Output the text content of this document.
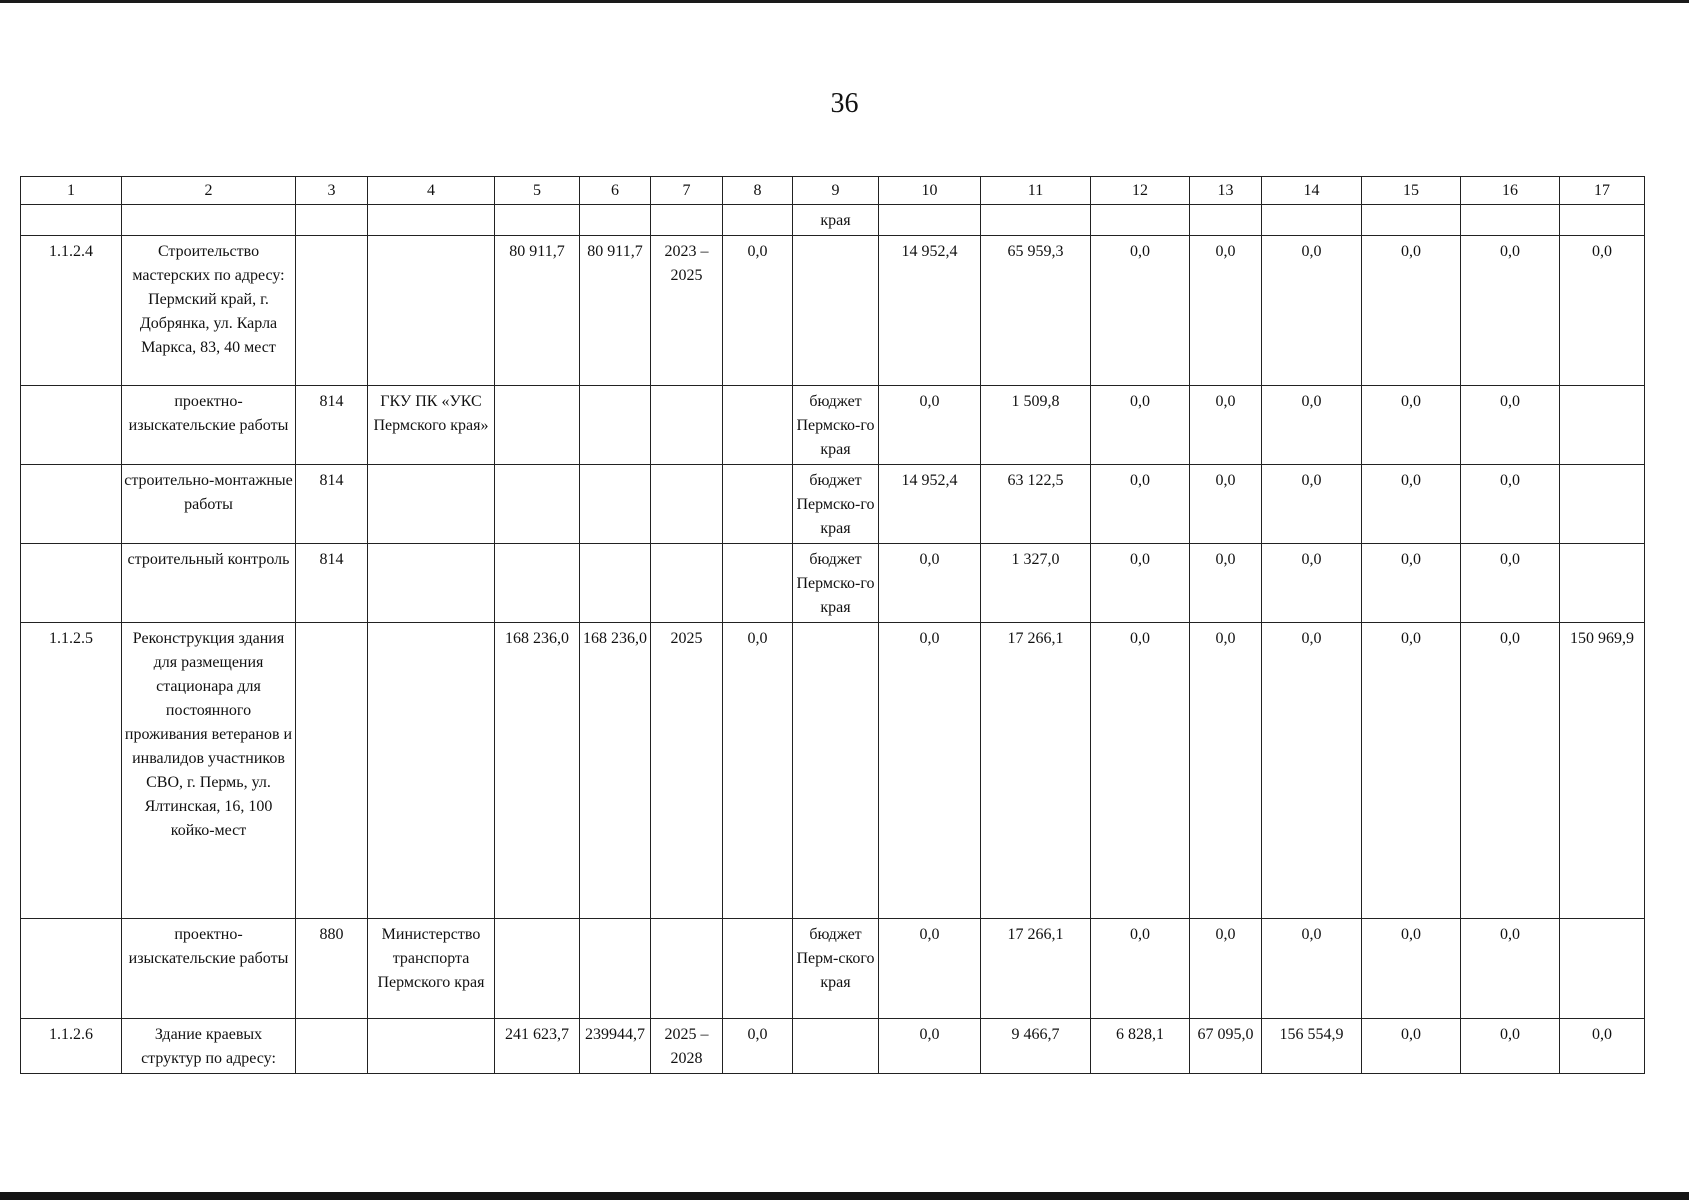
36
1	2	3	4	5	6	7	8	9	10	11	12	13	14	15	16	17
								края								
1.1.2.4	Строительство мастерских по адресу: Пермский край, г. Добрянка, ул. Карла Маркса, 83, 40 мест			80 911,7	80 911,7	2023 – 2025	0,0		14 952,4	65 959,3	0,0	0,0	0,0	0,0	0,0	0,0
	проектно-изыскательские работы	814	ГКУ ПК «УКС Пермского края»					бюджет Пермско-го края	0,0	1 509,8	0,0	0,0	0,0	0,0	0,0	
	строительно-монтажные работы	814						бюджет Пермско-го края	14 952,4	63 122,5	0,0	0,0	0,0	0,0	0,0	
	строительный контроль	814						бюджет Пермско-го края	0,0	1 327,0	0,0	0,0	0,0	0,0	0,0	
1.1.2.5	Реконструкция здания для размещения стационара для постоянного проживания ветеранов и инвалидов участников СВО, г. Пермь, ул. Ялтинская, 16, 100 койко-мест			168 236,0	168 236,0	2025	0,0		0,0	17 266,1	0,0	0,0	0,0	0,0	0,0	150 969,9
	проектно-изыскательские работы	880	Министерство транспорта Пермского края					бюджет Перм-ского края	0,0	17 266,1	0,0	0,0	0,0	0,0	0,0	
1.1.2.6	Здание краевых структур по адресу:			241 623,7	239944,7	2025 – 2028	0,0		0,0	9 466,7	6 828,1	67 095,0	156 554,9	0,0	0,0	0,0
